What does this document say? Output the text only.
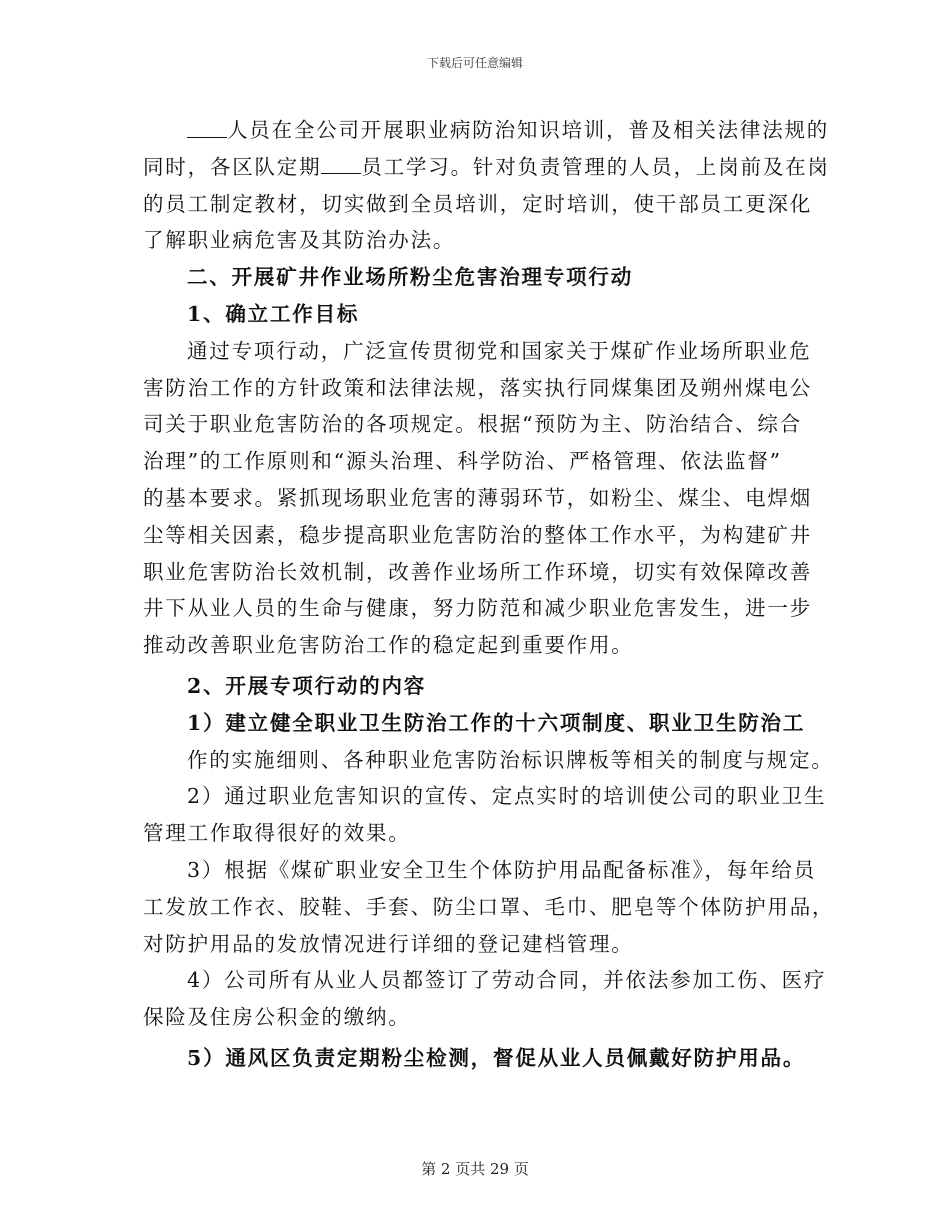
下载后可任意编辑
人员在全公司开展职业病防治知识培训，普及相关法律法规的
同时，各区队定期 员工学习。针对负责管理的人员，上岗前及在岗
的员工制定教材，切实做到全员培训，定时培训，使干部员工更深化
了解职业病危害及其防治办法。
二、开展矿井作业场所粉尘危害治理专项行动
1、确立工作目标
通过专项行动，广泛宣传贯彻党和国家关于煤矿作业场所职业危
害防治工作的方针政策和法律法规，落实执行同煤集团及朔州煤电公
司关于职业危害防治的各项规定。根据“预防为主、防治结合、综合
治理”的工作原则和“源头治理、科学防治、严格管理、依法监督”
的基本要求。紧抓现场职业危害的薄弱环节，如粉尘、煤尘、电焊烟
尘等相关因素，稳步提高职业危害防治的整体工作水平，为构建矿井
职业危害防治长效机制，改善作业场所工作环境，切实有效保障改善
井下从业人员的生命与健康，努力防范和减少职业危害发生，进一步
推动改善职业危害防治工作的稳定起到重要作用。
2、开展专项行动的内容
1）建立健全职业卫生防治工作的十六项制度、职业卫生防治工
作的实施细则、各种职业危害防治标识牌板等相关的制度与规定。
2）通过职业危害知识的宣传、定点实时的培训使公司的职业卫生
管理工作取得很好的效果。
3）根据《煤矿职业安全卫生个体防护用品配备标准》，每年给员
工发放工作衣、胶鞋、手套、防尘口罩、毛巾、肥皂等个体防护用品，
对防护用品的发放情况进行详细的登记建档管理。
4）公司所有从业人员都签订了劳动合同，并依法参加工伤、医疗
保险及住房公积金的缴纳。
5）通风区负责定期粉尘检测，督促从业人员佩戴好防护用品。
第 2 页共 29 页
